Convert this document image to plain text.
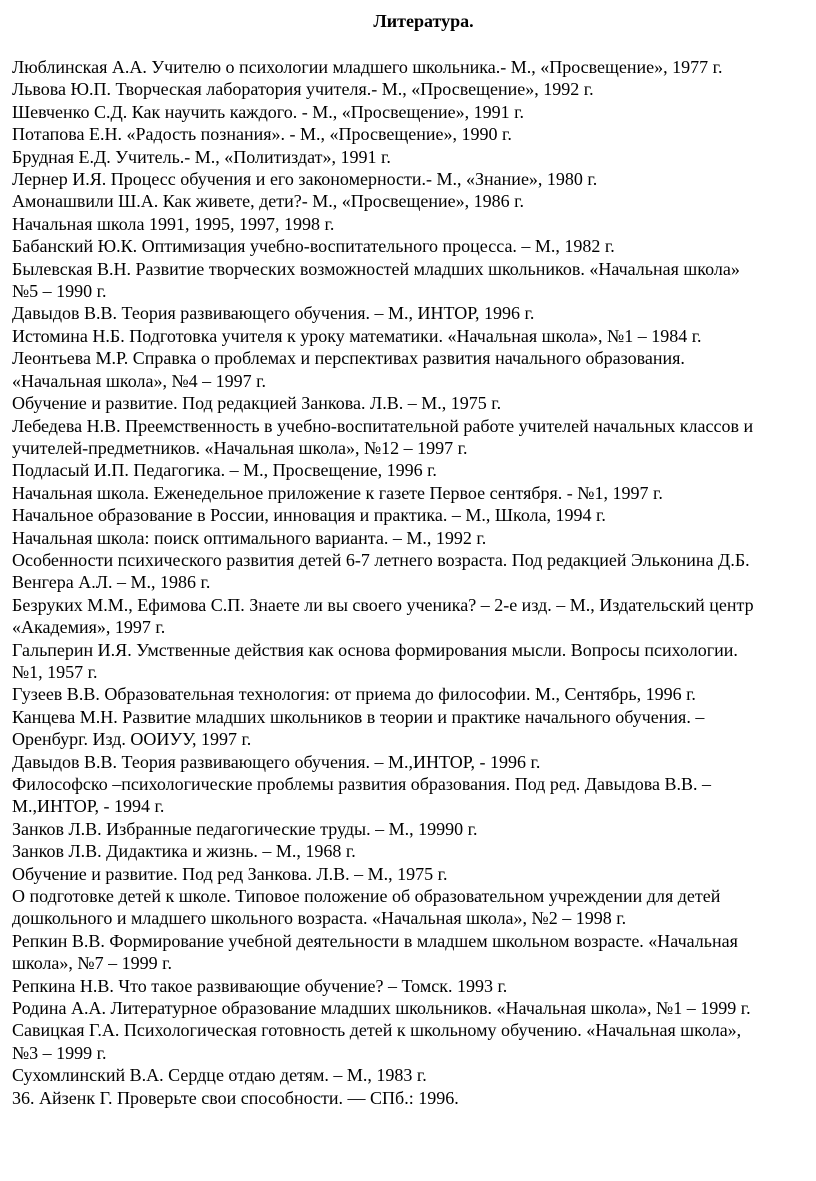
Литература.
Люблинская А.А. Учителю о психологии младшего школьника.- М., «Просвещение», 1977 г.
Львова Ю.П. Творческая лаборатория учителя.- М., «Просвещение», 1992 г.
Шевченко С.Д. Как научить каждого. - М., «Просвещение», 1991 г.
Потапова Е.Н. «Радость познания». - М., «Просвещение», 1990 г.
Брудная Е.Д. Учитель.- М., «Политиздат», 1991 г.
Лернер И.Я. Процесс обучения и его закономерности.- М., «Знание», 1980 г.
Амонашвили Ш.А. Как живете, дети?- М., «Просвещение», 1986 г.
Начальная школа 1991, 1995, 1997, 1998 г.
Бабанский Ю.К. Оптимизация учебно-воспитательного процесса. – М., 1982 г.
Былевская В.Н. Развитие творческих возможностей младших школьников. «Начальная школа»
№5 – 1990 г.
Давыдов В.В. Теория развивающего обучения. – М., ИНТОР, 1996 г.
Истомина Н.Б. Подготовка учителя к уроку математики. «Начальная школа», №1 – 1984 г.
Леонтьева М.Р. Справка о проблемах и перспективах развития начального образования.
«Начальная школа», №4 – 1997 г.
Обучение и развитие. Под редакцией Занкова. Л.В. – М., 1975 г.
Лебедева Н.В. Преемственность в учебно-воспитательной работе учителей начальных классов и
учителей-предметников. «Начальная школа», №12 – 1997 г.
Подласый И.П. Педагогика. – М., Просвещение, 1996 г.
Начальная школа. Еженедельное приложение к газете Первое сентября. - №1, 1997 г.
Начальное образование в России, инновация и практика. – М., Школа, 1994 г.
Начальная школа: поиск оптимального варианта. – М., 1992 г.
Особенности психического развития детей 6-7 летнего возраста. Под редакцией Эльконина Д.Б.
Венгера А.Л. – М., 1986 г.
Безруких М.М., Ефимова С.П. Знаете ли вы своего ученика? – 2-е изд. – М., Издательский центр
«Академия», 1997 г.
Гальперин И.Я. Умственные действия как основа формирования мысли. Вопросы психологии.
№1, 1957 г.
Гузеев В.В. Образовательная технология: от приема до философии. М., Сентябрь, 1996 г.
Канцева М.Н. Развитие младших школьников в теории и практике начального обучения. –
Оренбург. Изд. ООИУУ, 1997 г.
Давыдов В.В. Теория развивающего обучения. – М.,ИНТОР, - 1996 г.
Философско –психологические проблемы развития образования. Под ред. Давыдова В.В. –
М.,ИНТОР, - 1994 г.
Занков Л.В. Избранные педагогические труды. – М., 19990 г.
Занков Л.В. Дидактика и жизнь. – М., 1968 г.
Обучение и развитие. Под ред Занкова. Л.В. – М., 1975 г.
О подготовке детей к школе. Типовое положение об образовательном учреждении для детей
дошкольного и младшего школьного возраста. «Начальная школа», №2 – 1998 г.
Репкин В.В. Формирование учебной деятельности в младшем школьном возрасте. «Начальная
школа», №7 – 1999 г.
Репкина Н.В. Что такое развивающие обучение? – Томск. 1993 г.
Родина А.А. Литературное образование младших школьников. «Начальная школа», №1 – 1999 г.
Савицкая Г.А. Психологическая готовность детей к школьному обучению. «Начальная школа»,
№3 – 1999 г.
Сухомлинский В.А. Сердце отдаю детям. – М., 1983 г.
36. Айзенк Г. Проверьте свои способности. — СПб.: 1996.
